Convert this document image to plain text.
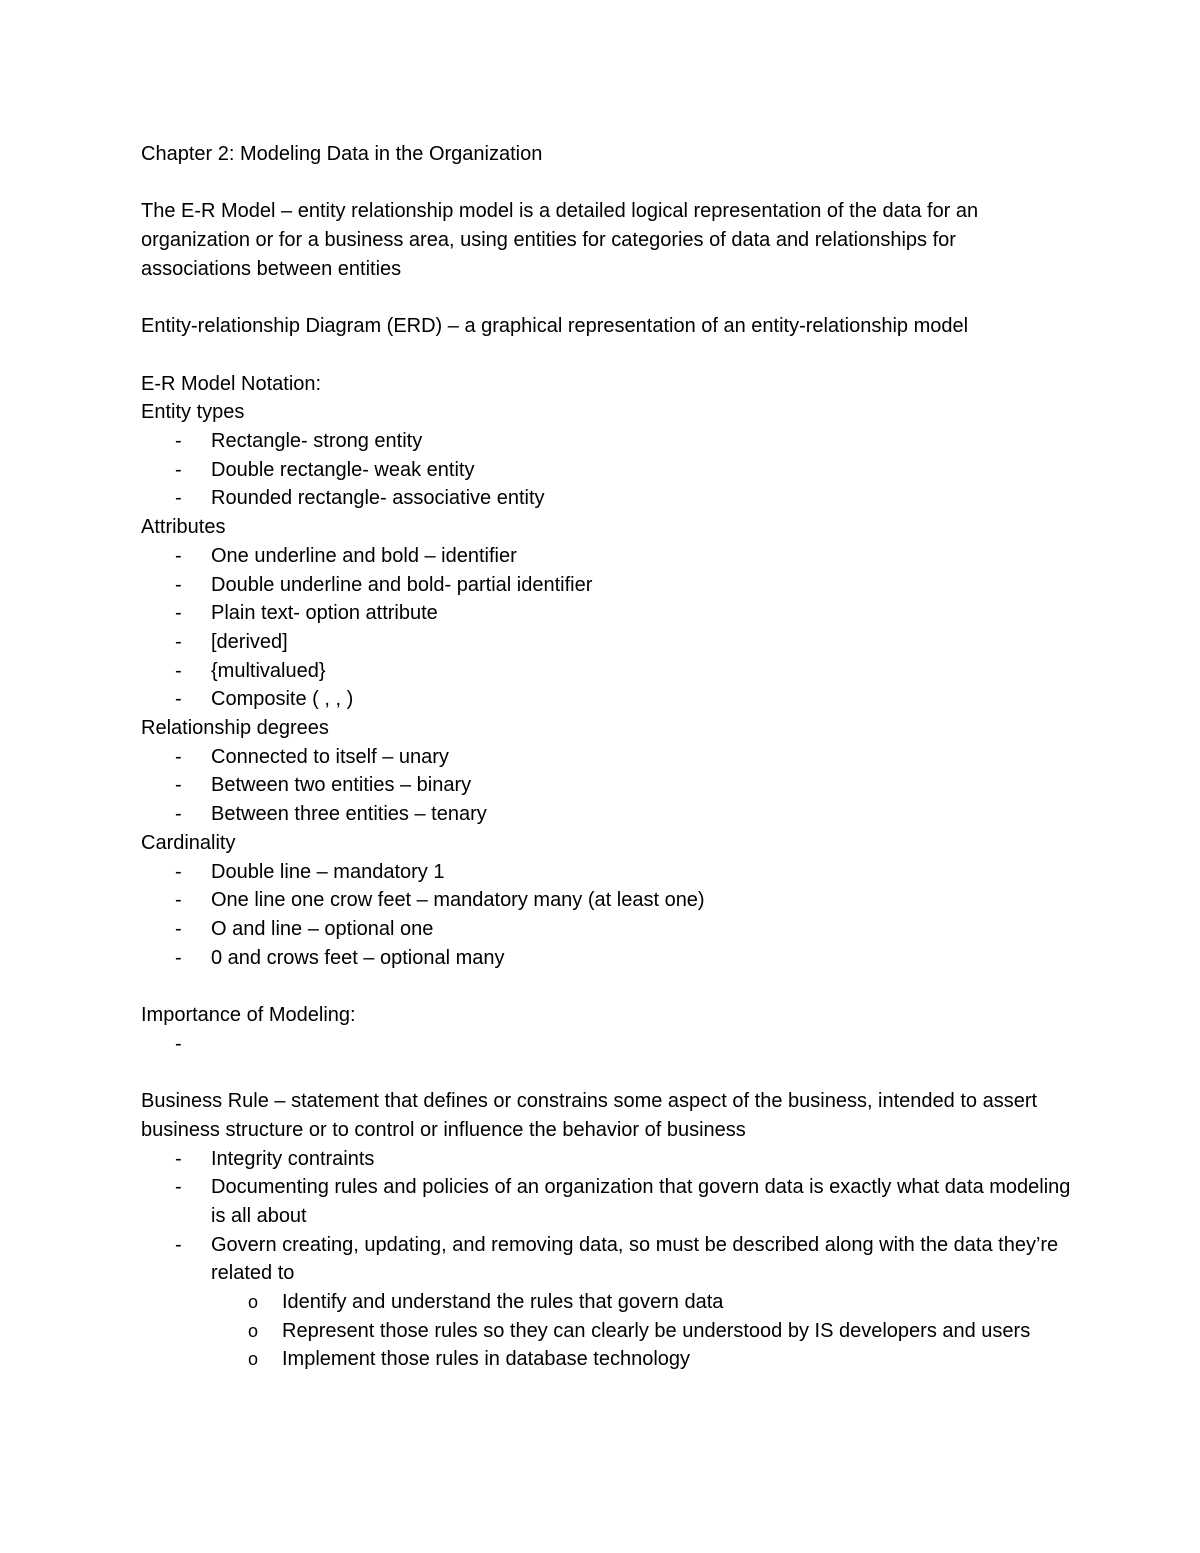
Chapter 2: Modeling Data in the Organization

The E-R Model – entity relationship model is a detailed logical representation of the data for an organization or for a business area, using entities for categories of data and relationships for associations between entities

Entity-relationship Diagram (ERD) – a graphical representation of an entity-relationship model

E-R Model Notation:

Entity types

- Rectangle- strong entity
- Double rectangle- weak entity
- Rounded rectangle- associative entity

Attributes

- One underline and bold – identifier
- Double underline and bold- partial identifier
- Plain text- option attribute
- [derived]
- {multivalued}
- Composite ( , , )

Relationship degrees

- Connected to itself – unary
- Between two entities – binary
- Between three entities – tenary

Cardinality

- Double line – mandatory 1
- One line one crow feet – mandatory many (at least one)
- O and line – optional one
- 0 and crows feet – optional many

Importance of Modeling:

-

Business Rule – statement that defines or constrains some aspect of the business, intended to assert business structure or to control or influence the behavior of business

- Integrity contraints
- Documenting rules and policies of an organization that govern data is exactly what data modeling is all about
- Govern creating, updating, and removing data, so must be described along with the data they’re related to
o Identify and understand the rules that govern data
o Represent those rules so they can clearly be understood by IS developers and users
o Implement those rules in database technology
